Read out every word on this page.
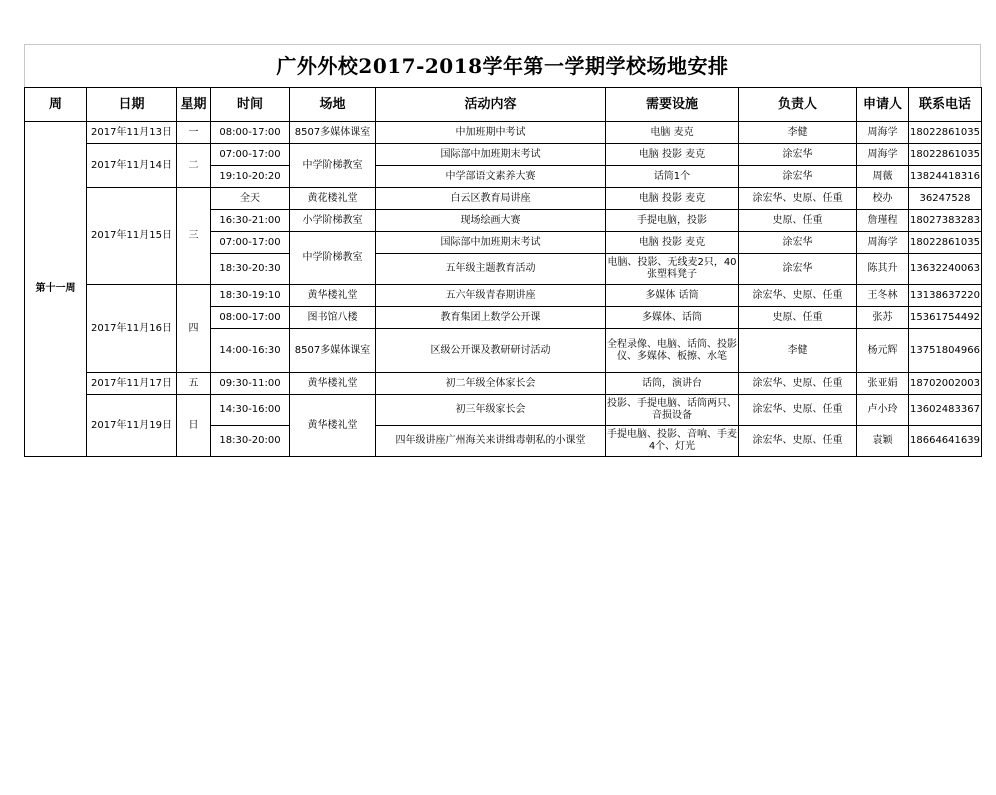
广外外校2017-2018学年第一学期学校场地安排
周	日期	星期	时间	场地	活动内容	需要设施	负责人	申请人	联系电话
第十一周	2017年11月13日	一	08:00-17:00	8507多媒体课室	中加班期中考试	电脑 麦克	李健	周海学	18022861035
	2017年11月14日	二	07:00-17:00	中学阶梯教室	国际部中加班期末考试	电脑 投影 麦克	涂宏华	周海学	18022861035
			19:10-20:20		中学部语文素养大赛	话筒1个	涂宏华	周薇	13824418316
	2017年11月15日	三	全天	黄花楼礼堂	白云区教育局讲座	电脑 投影 麦克	涂宏华、史原、任重	校办	36247528
			16:30-21:00	小学阶梯教室	现场绘画大赛	手提电脑，投影	史原、任重	詹瑾程	18027383283
			07:00-17:00	中学阶梯教室	国际部中加班期末考试	电脑 投影 麦克	涂宏华	周海学	18022861035
			18:30-20:30		五年级主题教育活动	电脑、投影、无线麦2只，40张塑料凳子	涂宏华	陈其升	13632240063
	2017年11月16日	四	18:30-19:10	黄华楼礼堂	五六年级青春期讲座	多媒体 话筒	涂宏华、史原、任重	王冬林	13138637220
			08:00-17:00	图书馆八楼	教育集团上数学公开课	多媒体、话筒	史原、任重	张苏	15361754492
			14:00-16:30	8507多媒体课室	区级公开课及教研研讨活动	全程录像、电脑、话筒、投影仪、多媒体、板擦、水笔	李健	杨元辉	13751804966
	2017年11月17日	五	09:30-11:00	黄华楼礼堂	初二年级全体家长会	话筒，演讲台	涂宏华、史原、任重	张亚娟	18702002003
	2017年11月19日	日	14:30-16:00	黄华楼礼堂	初三年级家长会	投影、手提电脑、话筒两只、音损设备	涂宏华、史原、任重	卢小玲	13602483367
			18:30-20:00		四年级讲座广州海关来讲缉毒朝私的小课堂	手提电脑、投影、音响、手麦4个、灯光	涂宏华、史原、任重	袁颖	18664641639
